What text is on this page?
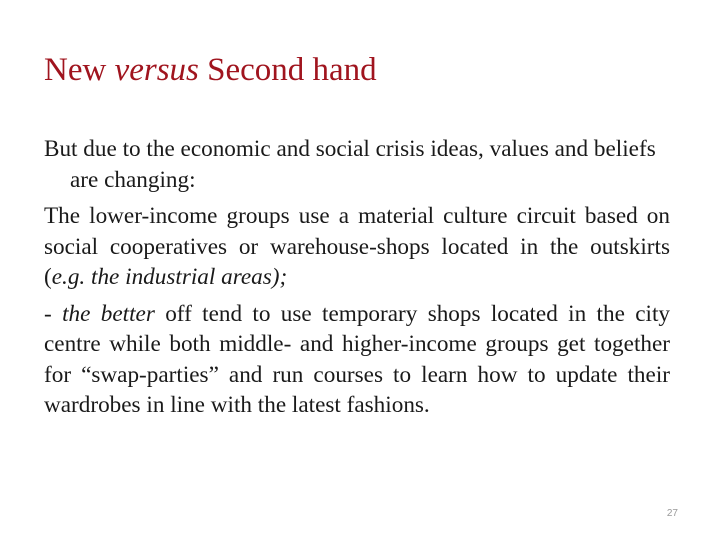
New versus Second hand

But due to the economic and social crisis ideas, values and beliefs are changing:

The lower-income groups use a material culture circuit based on social cooperatives or warehouse-shops located in the outskirts (e.g. the industrial areas);

- the better off tend to use temporary shops located in the city centre while both middle- and higher-income groups get together for “swap-parties” and run courses to learn how to update their wardrobes in line with the latest fashions.

27
